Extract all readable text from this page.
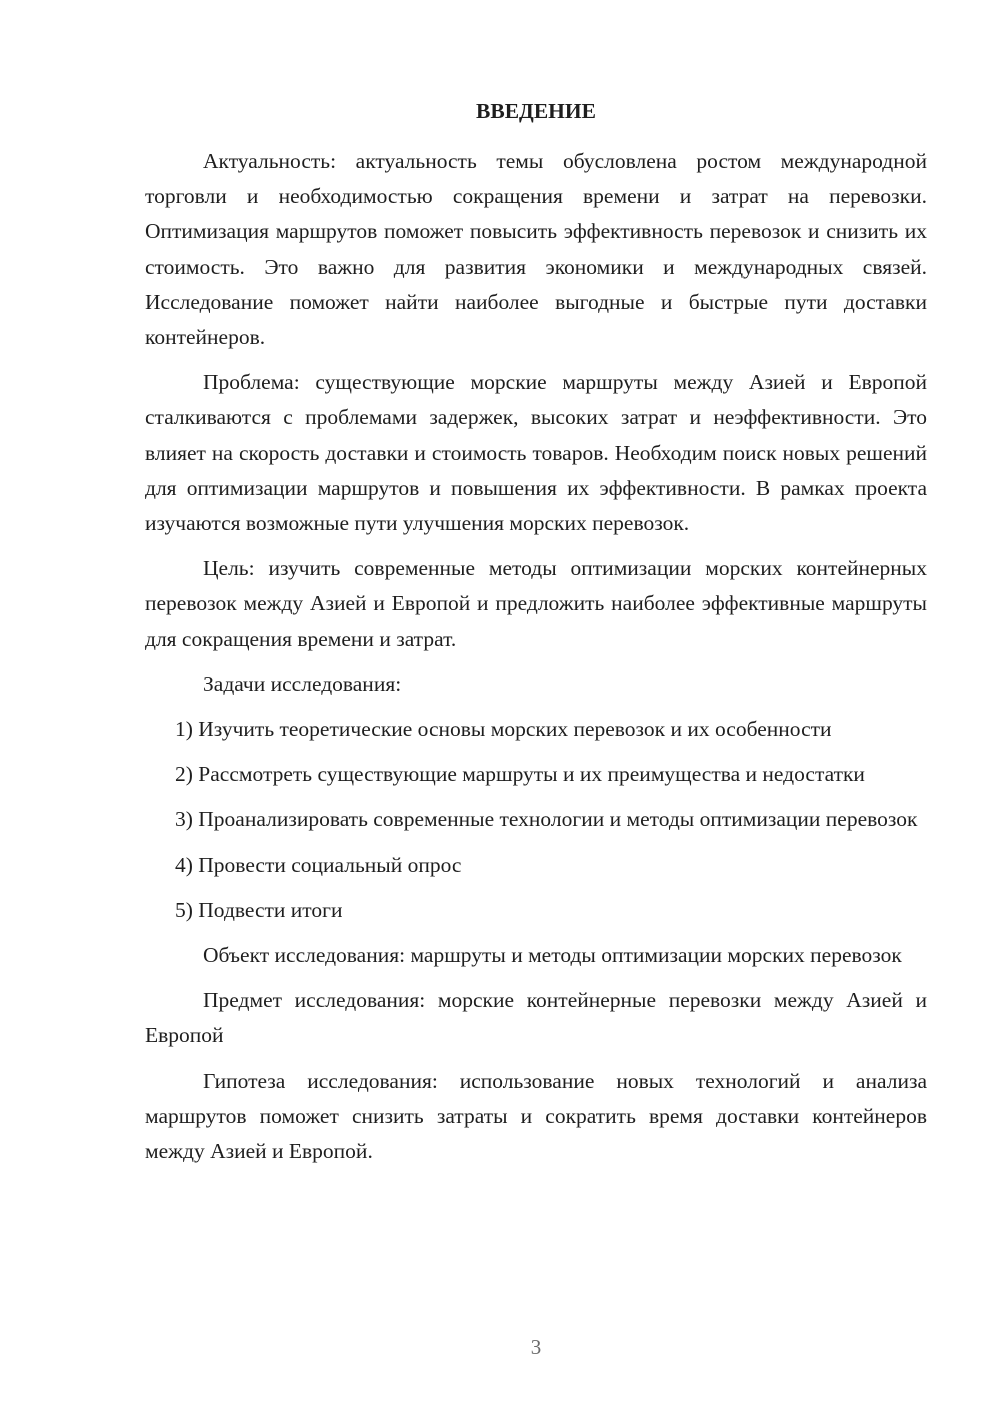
ВВЕДЕНИЕ

Актуальность: актуальность темы обусловлена ростом международной торговли и необходимостью сокращения времени и затрат на перевозки. Оптимизация маршрутов поможет повысить эффективность перевозок и снизить их стоимость. Это важно для развития экономики и международных связей. Исследование поможет найти наиболее выгодные и быстрые пути доставки контейнеров.

Проблема: существующие морские маршруты между Азией и Европой сталкиваются с проблемами задержек, высоких затрат и неэффективности. Это влияет на скорость доставки и стоимость товаров. Необходим поиск новых решений для оптимизации маршрутов и повышения их эффективности. В рамках проекта изучаются возможные пути улучшения морских перевозок.

Цель: изучить современные методы оптимизации морских контейнерных перевозок между Азией и Европой и предложить наиболее эффективные маршруты для сокращения времени и затрат.

Задачи исследования:

1) Изучить теоретические основы морских перевозок и их особенности

2) Рассмотреть существующие маршруты и их преимущества и недостатки

3) Проанализировать современные технологии и методы оптимизации перевозок

4) Провести социальный опрос

5) Подвести итоги

Объект исследования: маршруты и методы оптимизации морских перевозок

Предмет исследования: морские контейнерные перевозки между Азией и Европой

Гипотеза исследования: использование новых технологий и анализа маршрутов поможет снизить затраты и сократить время доставки контейнеров между Азией и Европой.

3
